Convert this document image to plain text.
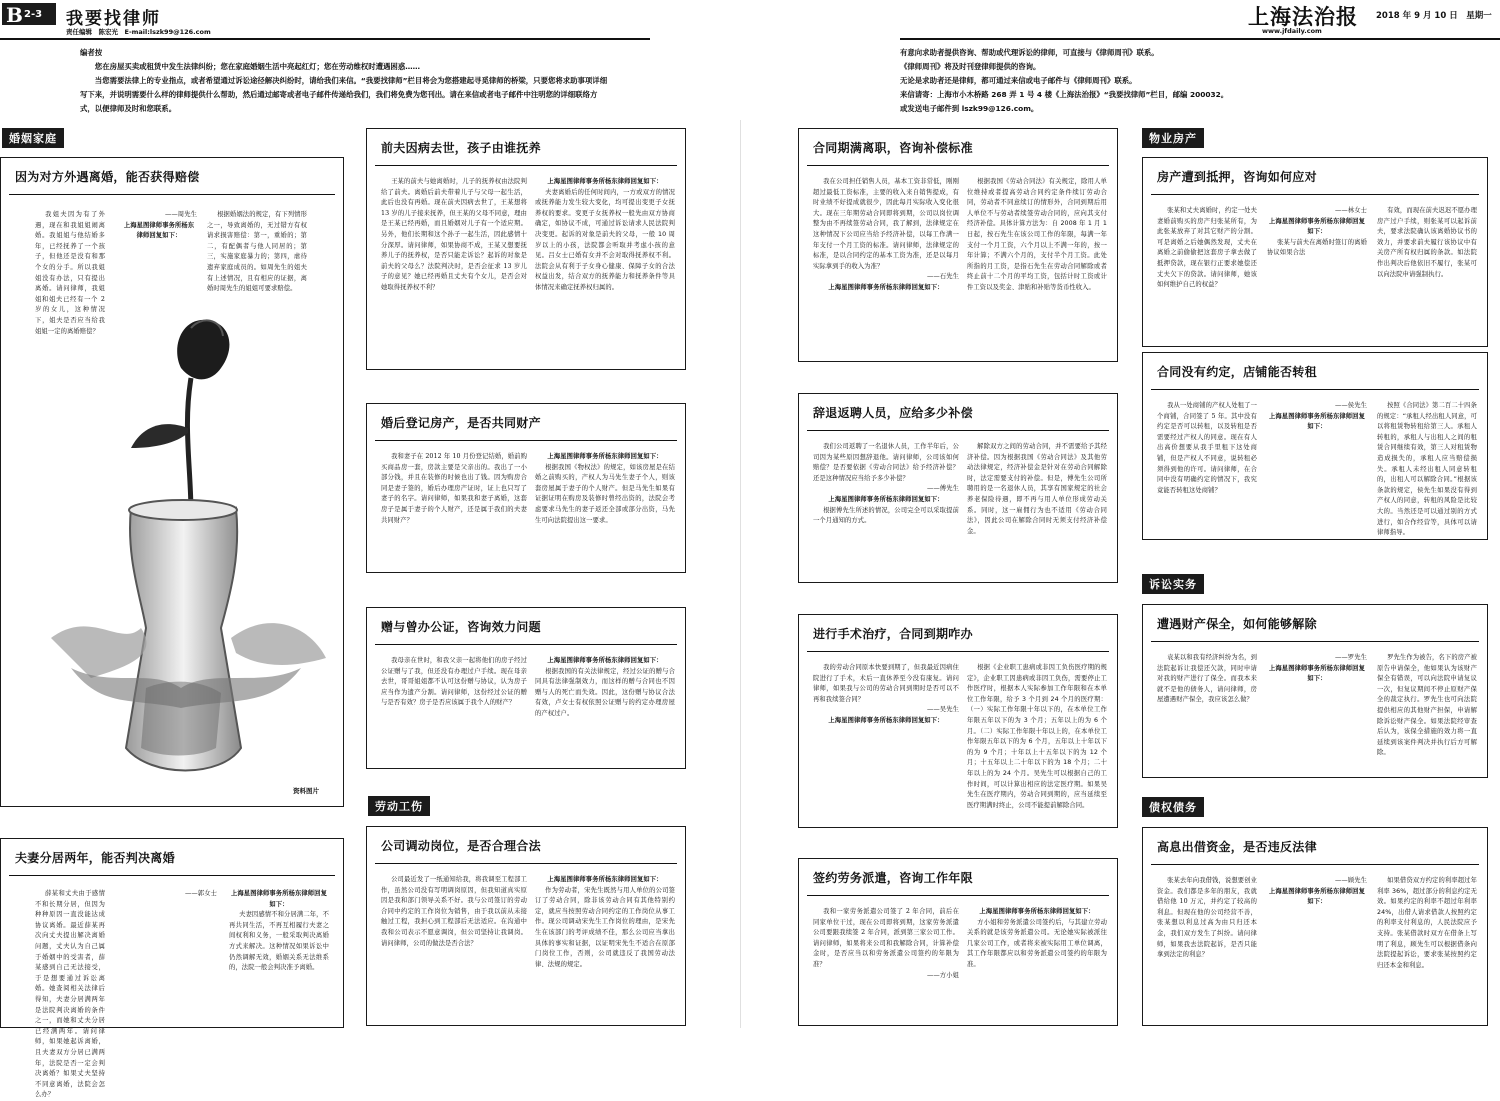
B 2-3 我要找律师
责任编辑　陈宏光　E-mail:lszk99@126.com
上海法治报 2018 年 9 月 10 日　星期一
www.jfdaily.com
编者按

您在房屋买卖或租赁中发生法律纠纷；您在家庭婚姻生活中亮起红灯；您在劳动维权时遭遇困惑……

当您需要法律上的专业指点，或者希望通过诉讼途径解决纠纷时，请给我们来信。“我要找律师”栏目将会为您搭建起寻觅律师的桥梁，只要您将求助事项详细写下来，并说明需要什么样的律师提供什么帮助，然后通过邮寄或者电子邮件传递给我们，我们将免费为您刊出。请在来信或者电子邮件中注明您的详细联络方式，以便律师及时和您联系。

有意向求助者提供咨询、帮助或代理诉讼的律师，可直接与《律师周刊》联系。
《律师周刊》将及时刊登律师提供的咨询。
无论是求助者还是律师，都可通过来信或电子邮件与《律师周刊》联系。
来信请寄：上海市小木桥路 268 弄 1 号 4 楼《上海法治报》“我要找律师”栏目，邮编 200032。
或发送电子邮件到 lszk99@126.com。
婚姻家庭
劳动工伤
物业房产
诉讼实务
债权债务
因为对方外遇离婚，能否获得赔偿

我姐夫因为有了外遇，现在和我姐姐闹离婚。我姐姐与他结婚多年，已经抚养了一个孩子，但他还是没有和那个女的分手。所以我姐姐没有办法，只有提出离婚。请问律师，我姐姐和姐夫已经有一个 2 岁的女儿，这种情况下，姐夫是否应当给我姐姐一定的离婚赔偿？

——周先生

上海星图律师事务所杨东律师回复如下：

根据婚姻法的规定，有下列情形之一，导致离婚的，无过错方有权请求损害赔偿：第一，重婚的；第二，有配偶者与他人同居的；第三，实施家庭暴力的；第四，虐待遗弃家庭成员的。如周先生的姐夫有上述情况，且有相应的证据，离婚时周先生的姐姐可要求赔偿。

资料图片
夫妻分居两年，能否判决离婚

薛某和丈夫由于感情不和长期分居，但因为种种原因一直没能达成协议离婚。最近薛某再次向丈夫提出解决离婚问题，丈夫认为自己属于婚姻中的受害者，薛某感到自己无法接受，于是想要通过诉讼离婚。她查阅相关法律后得知，夫妻分居满两年是法院判决离婚的条件之一，而她和丈夫分居已经满两年。请问律师，如果她起诉离婚，且夫妻双方分居已满两年，法院是否一定会判决离婚？如果丈夫坚持不同意离婚，法院会怎么办？

——郭女士	上海星图律师事务所杨东律师回复如下：

夫妻因感情不和分居满二年，不再共同生活，不再互相履行夫妻之间权利和义务，一般采取判决离婚方式来解决。这种情况如果诉讼中仍然调解无效，婚姻关系无法维系的，法院一般会判决准予离婚。

前夫因病去世，孩子由谁抚养

王某的前夫与她离婚时，儿子的抚养权由法院判给了前夫。离婚后前夫带着儿子与父母一起生活，此后也没有再婚。现在前夫因病去世了，王某想将 13 岁的儿子接来抚养，但王某的父母不同意，理由是王某已经再婚，而且婚姻对儿子有一个适应期。另外，他们长期和这个孙子一起生活，因此感情十分深厚。请问律师，如果协商不成，王某又想要抚养儿子的抚养权，是否只能走诉讼？起诉的对象是前夫的父母么？法院判决时，是否会征求 13 岁儿子的意见？她已经再婚且丈夫有个女儿，是否会对她取得抚养权不利？

上海星图律师事务所杨东律师回复如下：

夫妻离婚后的任何时间内，一方或双方的情况或抚养能力发生较大变化，均可提出变更子女抚养权的要求。变更子女抚养权一般先由双方协商确定，如协议不成，可通过诉讼请求人民法院判决变更。起诉的对象是前夫的父母，一般 10 周岁以上的小孩，法院都会听取并考虑小孩的意见。吕女士已婚有女并不会对取得抚养权不利。法院会从有利于子女身心健康、保障子女的合法权益出发，结合双方的抚养能力和抚养条件等具体情况来确定抚养权归属的。

婚后登记房产，是否共同财产

我和妻子在 2012 年 10 月份登记结婚，婚前购买商品房一套，房款主要是父亲出的。我出了一小部分钱，并且在装修的时候也出了钱。因为购房合同是妻子签的，婚后办理房产证时，证上也只写了妻子的名字。请问律师，如果我和妻子离婚，这套房子是属于妻子的个人财产，还是属于我们的夫妻共同财产？

上海星图律师事务所杨东律师回复如下：

根据我国《物权法》的规定，如该房屋是在结婚之前购买的，产权人为马先生妻子个人，则该套房屋属于妻子的个人财产。但是马先生如果有证据证明在购房及装修时曾经出资的，法院会考虑要求马先生的妻子返还全部或部分出资，马先生可向法院提出这一要求。

赠与曾办公证，咨询效力问题

我母亲在世时，和我父亲一起将他们的房子经过公证赠与了我，但还没有办理过户手续。现在母亲去世，哥哥姐姐都不认可这份赠与协议，认为房子应当作为遗产分割。请问律师，这份经过公证的赠与是否有效？房子是否应该属于我个人的财产？

上海星图律师事务所杨东律师回复如下：

根据我国的有关法律规定，经过公证的赠与合同具有法律强制效力，而这样的赠与合同也不因赠与人的死亡而失效。因此，这份赠与协议合法有效，卢女士有权依照公证赠与的约定办理房屋的产权过户。

公司调动岗位，是否合理合法

公司最近发了一纸通知给我，将我调至工程部工作，虽然公司没有写明调岗原因，但我知道真实原因是我和部门领导关系不好。我与公司签订的劳动合同中约定的工作岗位为销售，由于我以前从未接触过工程，我担心到工程部后无法适应。在沟通中我和公司表示不愿意调岗，但公司坚持让我调岗。请问律师，公司的做法是否合法？

上海星图律师事务所杨东律师回复如下：

作为劳动者，宋先生既然与用人单位的公司签订了劳动合同，除非该劳动合同有其他特别约定，就应当按照劳动合同约定的工作岗位从事工作。现公司调动宋先生工作岗位的理由，是宋先生在该部门的考评成绩不佳，那么公司应当拿出具体的事实和证据，以证明宋先生不适合在原部门岗位工作，否则，公司就违反了我国劳动法律、法规的规定。

合同期满离职，咨询补偿标准

我在公司担任销售人员，基本工资非常低，刚刚超过最低工资标准，主要的收入来自销售提成，有时业绩不好提成就很少，因此每月实际收入变化很大。现在三年期劳动合同即将到期，公司以岗位调整为由不再续签劳动合同，我了解到，法律规定在这种情况下公司应当给予经济补偿，以每工作满一年支付一个月工资的标准。请问律师，法律规定的标准，是以合同约定的基本工资为准，还是以每月实际拿到手的收入为准？

——石先生

上海星图律师事务所杨东律师回复如下：

根据我国《劳动合同法》有关规定，除用人单位维持或者提高劳动合同约定条件续订劳动合同，劳动者不同意续订的情形外，合同到期后用人单位不与劳动者续签劳动合同的，应向其支付经济补偿。具体计算方法为：自 2008 年 1 月 1 日起，按石先生在该公司工作的年限，每满一年支付一个月工资，六个月以上不满一年的，按一年计算；不满六个月的，支付半个月工资。此处所指的月工资，是指石先生在劳动合同解除或者终止前十二个月的平均工资，包括计时工资或计件工资以及奖金、津贴和补贴等货币性收入。

辞退返聘人员，应给多少补偿

我们公司返聘了一名退休人员，工作半年后，公司因为某些原因想辞退他。请问律师，公司该如何赔偿？是否要依据《劳动合同法》给予经济补偿？还是这种情况应当给予多少补偿？

——傅先生

上海星图律师事务所杨东律师回复如下：

根据傅先生所述的情况，公司完全可以采取提前一个月通知的方式。

解除双方之间的劳动合同，并不需要给予其经济补偿。因为根据我国《劳动合同法》及其他劳动法律规定，经济补偿金是针对在劳动合同解除时，法定需要支付的补偿。但是，傅先生公司所聘用的是一名退休人员，其享有国家规定的社会养老保险待遇，即不再与用人单位形成劳动关系。同时，这一雇佣行为也不适用《劳动合同法》，因此公司在解除合同时无须支付经济补偿金。

进行手术治疗，合同到期咋办

我的劳动合同原本快要到期了，但我最近因病住院进行了手术，术后一直休养至今没有康复。请问律师，如果我与公司的劳动合同到期时是否可以不再和我续签合同？

——吴先生

上海星图律师事务所杨东律师回复如下：

根据《企业职工患病或非因工负伤医疗期的规定》，企业职工因患病或非因工负伤，需要停止工作医疗时，根据本人实际参加工作年限和在本单位工作年限，给予 3 个月到 24 个月的医疗期：（一）实际工作年限十年以下的，在本单位工作年限五年以下的为 3 个月；五年以上的为 6 个月。（二）实际工作年限十年以上的，在本单位工作年限五年以下的为 6 个月，五年以上十年以下的为 9 个月；十年以上十五年以下的为 12 个月；十五年以上二十年以下的为 18 个月；二十年以上的为 24 个月。吴先生可以根据自己的工作时间，可以计算出相应的法定医疗期。如果吴先生在医疗期内，劳动合同到期的，应当延续至医疗期满时终止，公司不能提前解除合同。

签约劳务派遣，咨询工作年限

我和一家劳务派遣公司签了 2 年合同，前后在同家单位干过，现在公司即将到期，这家劳务派遣公司要跟我续签 2 年合同，派到第三家公司工作。请问律师，如果将来公司和我解除合同，计算补偿金时，是否应当以和劳务派遣公司签约的年限为准？

——方小姐

上海星图律师事务所杨东律师回复如下：

方小姐和劳务派遣公司签约后，与其建立劳动关系的就是该劳务派遣公司。无论她实际被派往几家公司工作，或者将来被实际用工单位调离，其工作年限都应以和劳务派遣公司签约的年限为准。

房产遭到抵押，咨询如何应对

张某和丈夫离婚时，约定一处夫妻婚前购买的房产归张某所有，为此张某放弃了对其它财产的分割。可是离婚之后她偶然发现，丈夫在离婚之前偷偷把这套房子拿去做了抵押贷款，现在银行正要求她偿还丈夫欠下的贷款。请问律师，她该如何维护自己的权益？

——林女士

上海星图律师事务所杨东律师回复如下：

张某与前夫在离婚时签订的离婚协议如果合法

有效，而现在前夫迟迟不愿办理房产过户手续，则张某可以起诉前夫，要求法院确认该离婚协议书的效力，并要求前夫履行该协议中有关房产所有权归属的条款。如法院作出判决后他依旧不履行，张某可以向法院申请强制执行。

合同没有约定，店铺能否转租

我从一处商铺的产权人处租了一个商铺，合同签了 5 年。其中没有约定是否可以转租，以及转租是否需要经过产权人的同意。现在有人出高价想要从我手里租下这处商铺，但是产权人不同意，说转租必须得到他的许可。请问律师，在合同中没有明确约定的情况下，我究竟能否转租这处商铺？

——侯先生

上海星图律师事务所杨东律师回复如下：

按照《合同法》第二百二十四条的规定：“承租人经出租人同意，可以将租赁物转租给第三人。承租人转租的，承租人与出租人之间的租赁合同继续有效，第三人对租赁物造成损失的，承租人应当赔偿损失。承租人未经出租人同意转租的，出租人可以解除合同。”根据该条款的规定，侯先生如果没有得到产权人的同意，转租的风险是比较大的。当然还是可以通过别的方式进行，如合作经营等，具体可以请律师指导。

遭遇财产保全，如何能够解除

袁某以和我有经济纠纷为名，到法院起诉让我偿还欠款，同时申请对我的财产进行了保全。而我本来就不是他的债务人，请问律师，房屋遭遇财产保全，我应该怎么做？

——罗先生

上海星图律师事务所杨东律师回复如下：

罗先生作为被告，名下的房产被原告申请保全，他如果认为该财产保全有错误，可以向法院申请复议一次，但复议期间不停止原财产保全的裁定执行。罗先生也可向法院提供相应的其他财产担保，申请解除诉讼财产保全。如果法院经审查后认为，该保全措施的效力将一直延续到该案件判决并执行后方可解除。

高息出借资金，是否违反法律

张某去年向我借钱，说想要创业资金。我们都是多年的朋友，我就借给他 10 万元，并约定了较高的利息。但现在他的公司经营不善，张某想以利息过高为由只归还本金，我们双方发生了纠纷。请问律师，如果我去法院起诉，是否只能拿到法定的利息？

——顾先生

上海星图律师事务所杨东律师回复如下：

如果借贷双方约定的利率超过年利率 36%，超过部分的利息约定无效。如果约定的利率不超过年利率 24%，出借人请求借款人按照约定的利率支付利息的，人民法院应予支持。张某借款时双方在借条上写明了利息，顾先生可以根据借条向法院提起诉讼，要求张某按照约定归还本金和利息。
